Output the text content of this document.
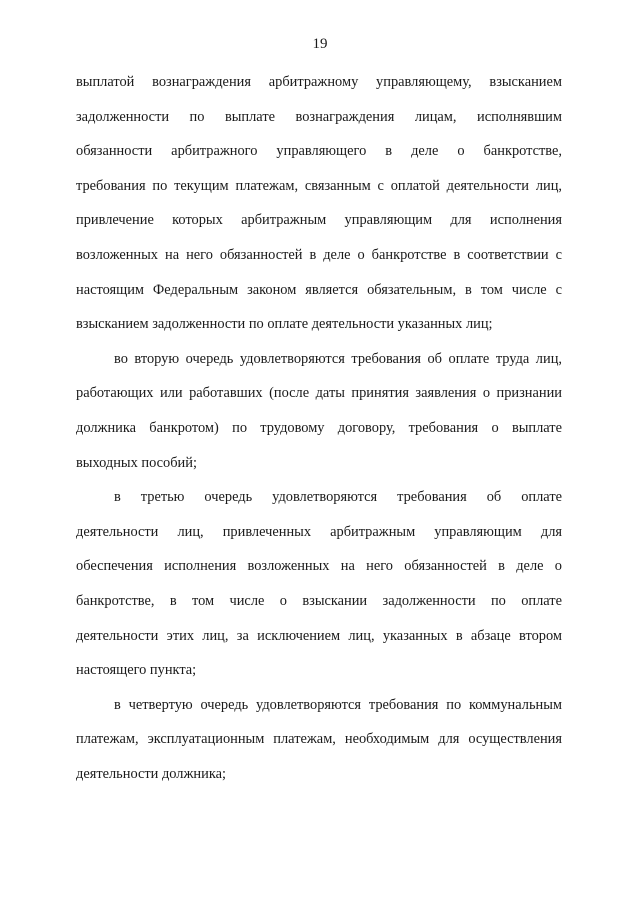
19

выплатой вознаграждения арбитражному управляющему, взысканием
задолженности по выплате вознаграждения лицам, исполнявшим
обязанности арбитражного управляющего в деле о банкротстве,
требования по текущим платежам, связанным с оплатой деятельности лиц,
привлечение которых арбитражным управляющим для исполнения
возложенных на него обязанностей в деле о банкротстве в соответствии с
настоящим Федеральным законом является обязательным, в том числе с
взысканием задолженности по оплате деятельности указанных лиц;

во вторую очередь удовлетворяются требования об оплате труда лиц,
работающих или работавших (после даты принятия заявления о признании
должника банкротом) по трудовому договору, требования о выплате
выходных пособий;

в третью очередь удовлетворяются требования об оплате
деятельности лиц, привлеченных арбитражным управляющим для
обеспечения исполнения возложенных на него обязанностей в деле о
банкротстве, в том числе о взыскании задолженности по оплате
деятельности этих лиц, за исключением лиц, указанных в абзаце втором
настоящего пункта;

в четвертую очередь удовлетворяются требования по коммунальным
платежам, эксплуатационным платежам, необходимым для осуществления
деятельности должника;
